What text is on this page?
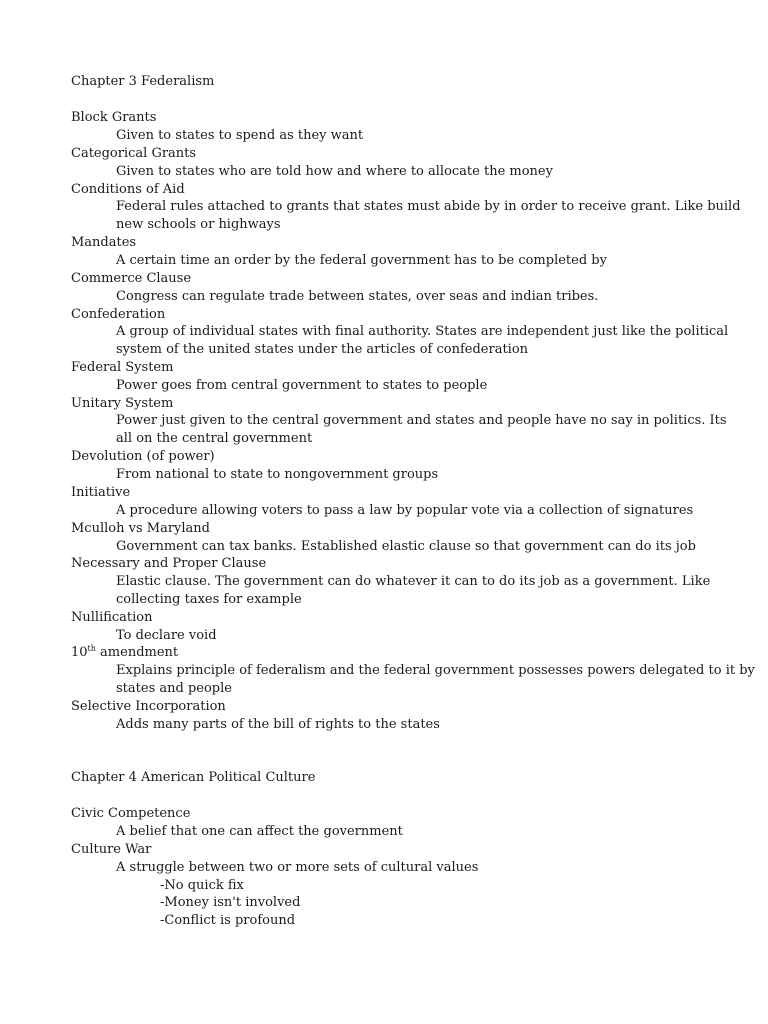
Chapter 3 Federalism
Block Grants
Given to states to spend as they want
Categorical Grants
Given to states who are told how and where to allocate the money
Conditions of Aid
Federal rules attached to grants that states must abide by in order to receive grant. Like build
new schools or highways
Mandates
A certain time an order by the federal government has to be completed by
Commerce Clause
Congress can regulate trade between states, over seas and indian tribes.
Confederation
A group of individual states with final authority. States are independent just like the political
system of the united states under the articles of confederation
Federal System
Power goes from central government to states to people
Unitary System
Power just given to the central government and states and people have no say in politics. Its
all on the central government
Devolution (of power)
From national to state to nongovernment groups
Initiative
A procedure allowing voters to pass a law by popular vote via a collection of signatures
Mculloh vs Maryland
Government can tax banks. Established elastic clause so that government can do its job
Necessary and Proper Clause
Elastic clause. The government can do whatever it can to do its job as a government. Like
collecting taxes for example
Nullification
To declare void
10th amendment
Explains principle of federalism and the federal government possesses powers delegated to it by
states and people
Selective Incorporation
Adds many parts of the bill of rights to the states
Chapter 4 American Political Culture
Civic Competence
A belief that one can affect the government
Culture War
A struggle between two or more sets of cultural values
-No quick fix
-Money isn't involved
-Conflict is profound
